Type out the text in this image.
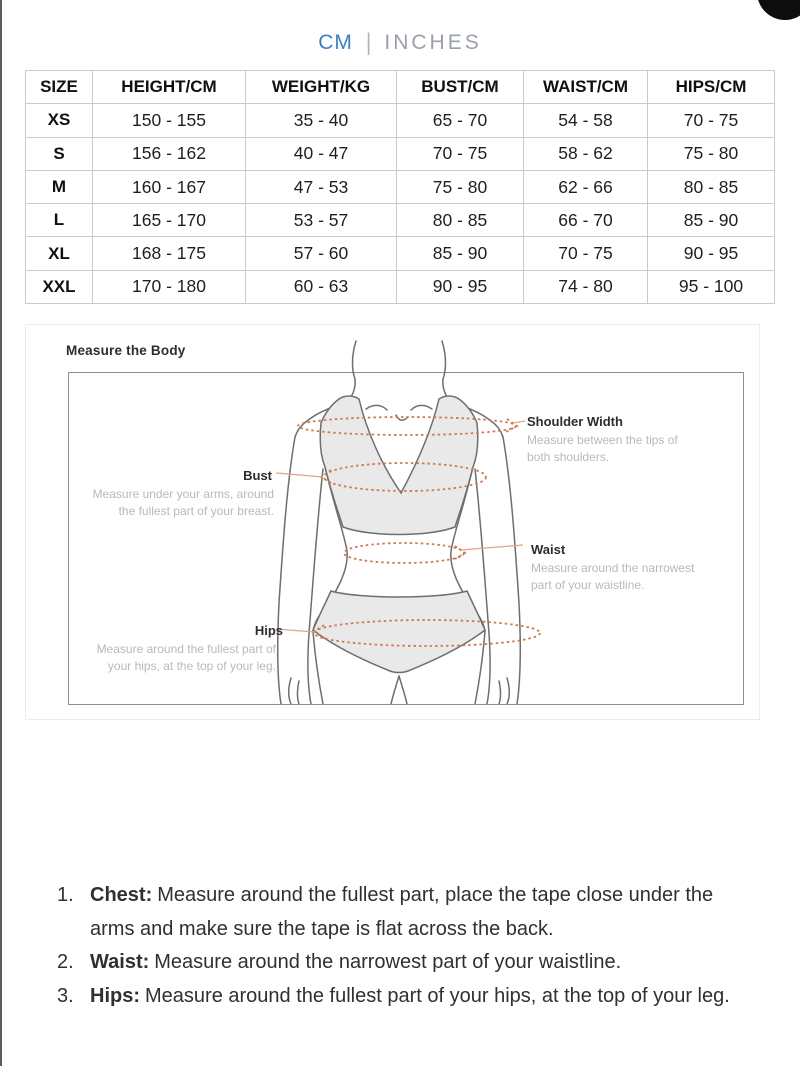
CM | INCHES
SIZE	HEIGHT/CM	WEIGHT/KG	BUST/CM	WAIST/CM	HIPS/CM
XS	150 - 155	35 - 40	65 - 70	54 - 58	70 - 75
S	156 - 162	40 - 47	70 - 75	58 - 62	75 - 80
M	160 - 167	47 - 53	75 - 80	62 - 66	80 - 85
L	165 - 170	53 - 57	80 - 85	66 - 70	85 - 90
XL	168 - 175	57 - 60	85 - 90	70 - 75	90 - 95
XXL	170 - 180	60 - 63	90 - 95	74 - 80	95 - 100
Measure the Body
Shoulder Width
Measure between the tips of both shoulders.
Bust
Measure under your arms, around the fullest part of your breast.
Waist
Measure around the narrowest part of your waistline.
Hips
Measure around the fullest part of your hips, at the top of your leg.
1. Chest: Measure around the fullest part, place the tape close under the arms and make sure the tape is flat across the back.
2. Waist: Measure around the narrowest part of your waistline.
3. Hips: Measure around the fullest part of your hips, at the top of your leg.
